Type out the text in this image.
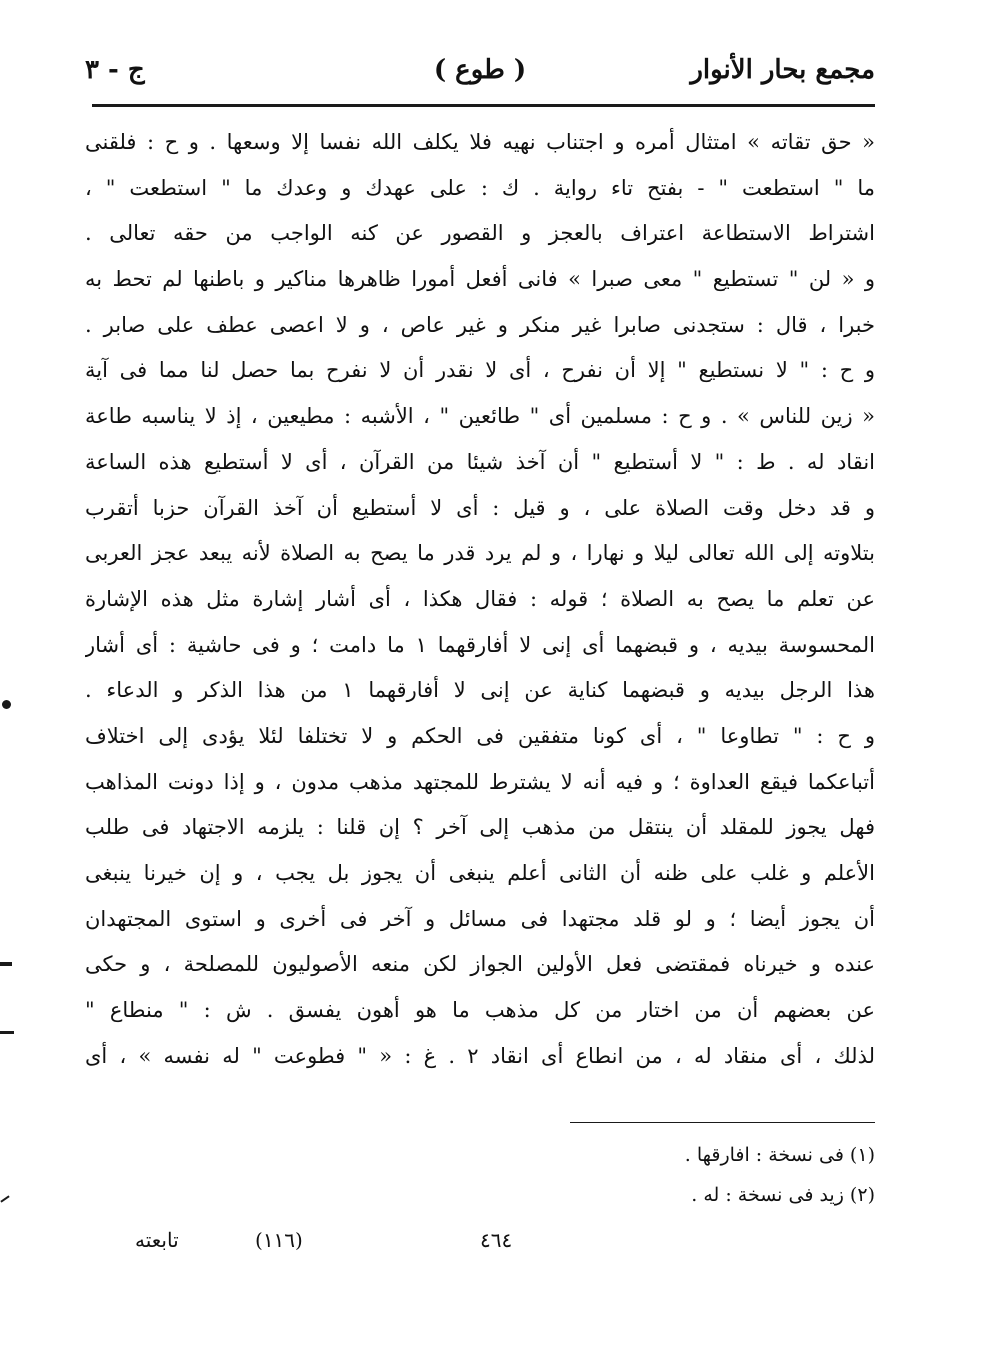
مجمع بحار الأنوار
( طوع )
ج - ٣
« حق تقاته » امتثال أمره و اجتناب نهيه فلا يكلف الله نفسا إلا وسعها . و ح : فلقنى
ما " استطعت " - بفتح تاء رواية . ك : على عهدك و وعدك ما " استطعت " ،
اشتراط الاستطاعة اعتراف بالعجز و القصور عن كنه الواجب من حقه تعالى .
و « لن " تستطيع " معى صبرا » فانى أفعل أمورا ظاهرها مناكير و باطنها لم تحط به
خبرا ، قال : ستجدنى صابرا غير منكر و غير عاص ، و لا اعصى عطف على صابر .
و ح : " لا نستطيع " إلا أن نفرح ، أى لا نقدر أن لا نفرح بما حصل لنا مما فى آية
« زين للناس » . و ح : مسلمين أى " طائعين " ، الأشبه : مطيعين ، إذ لا يناسبه طاعة
انقاد له . ط : " لا أستطيع " أن آخذ شيئا من القرآن ، أى لا أستطيع هذه الساعة
و قد دخل وقت الصلاة على ، و قيل : أى لا أستطيع أن آخذ القرآن حزبا أتقرب
بتلاوته إلى الله تعالى ليلا و نهارا ، و لم يرد قدر ما يصح به الصلاة لأنه يبعد عجز العربى
عن تعلم ما يصح به الصلاة ؛ قوله : فقال هكذا ، أى أشار إشارة مثل هذه الإشارة
المحسوسة بيديه ، و قبضهما أى إنى لا أفارقهما ١ ما دامت ؛ و فى حاشية : أى أشار
هذا الرجل بيديه و قبضهما كناية عن إنى لا أفارقهما ١ من هذا الذكر و الدعاء .
و ح : " تطاوعا " ، أى كونا متفقين فى الحكم و لا تختلفا لئلا يؤدى إلى اختلاف
أتباعكما فيقع العداوة ؛ و فيه أنه لا يشترط للمجتهد مذهب مدون ، و إذا دونت المذاهب
فهل يجوز للمقلد أن ينتقل من مذهب إلى آخر ؟ إن قلنا : يلزمه الاجتهاد فى طلب
الأعلم و غلب على ظنه أن الثانى أعلم ينبغى أن يجوز بل يجب ، و إن خيرنا ينبغى
أن يجوز أيضا ؛ و لو قلد مجتهدا فى مسائل و آخر فى أخرى و استوى المجتهدان
عنده و خيرناه فمقتضى فعل الأولين الجواز لكن منعه الأصوليون للمصلحة ، و حكى
عن بعضهم أن من اختار من كل مذهب ما هو أهون يفسق . ش : " منطاع "
لذلك ، أى منقاد له ، من انطاع أى انقاد ٢ . غ : « " فطوعت " له نفسه » ، أى
(١) فى نسخة : افارقها .
(٢) زيد فى نسخة : له .
تابعته	(١١٦)	٤٦٤
